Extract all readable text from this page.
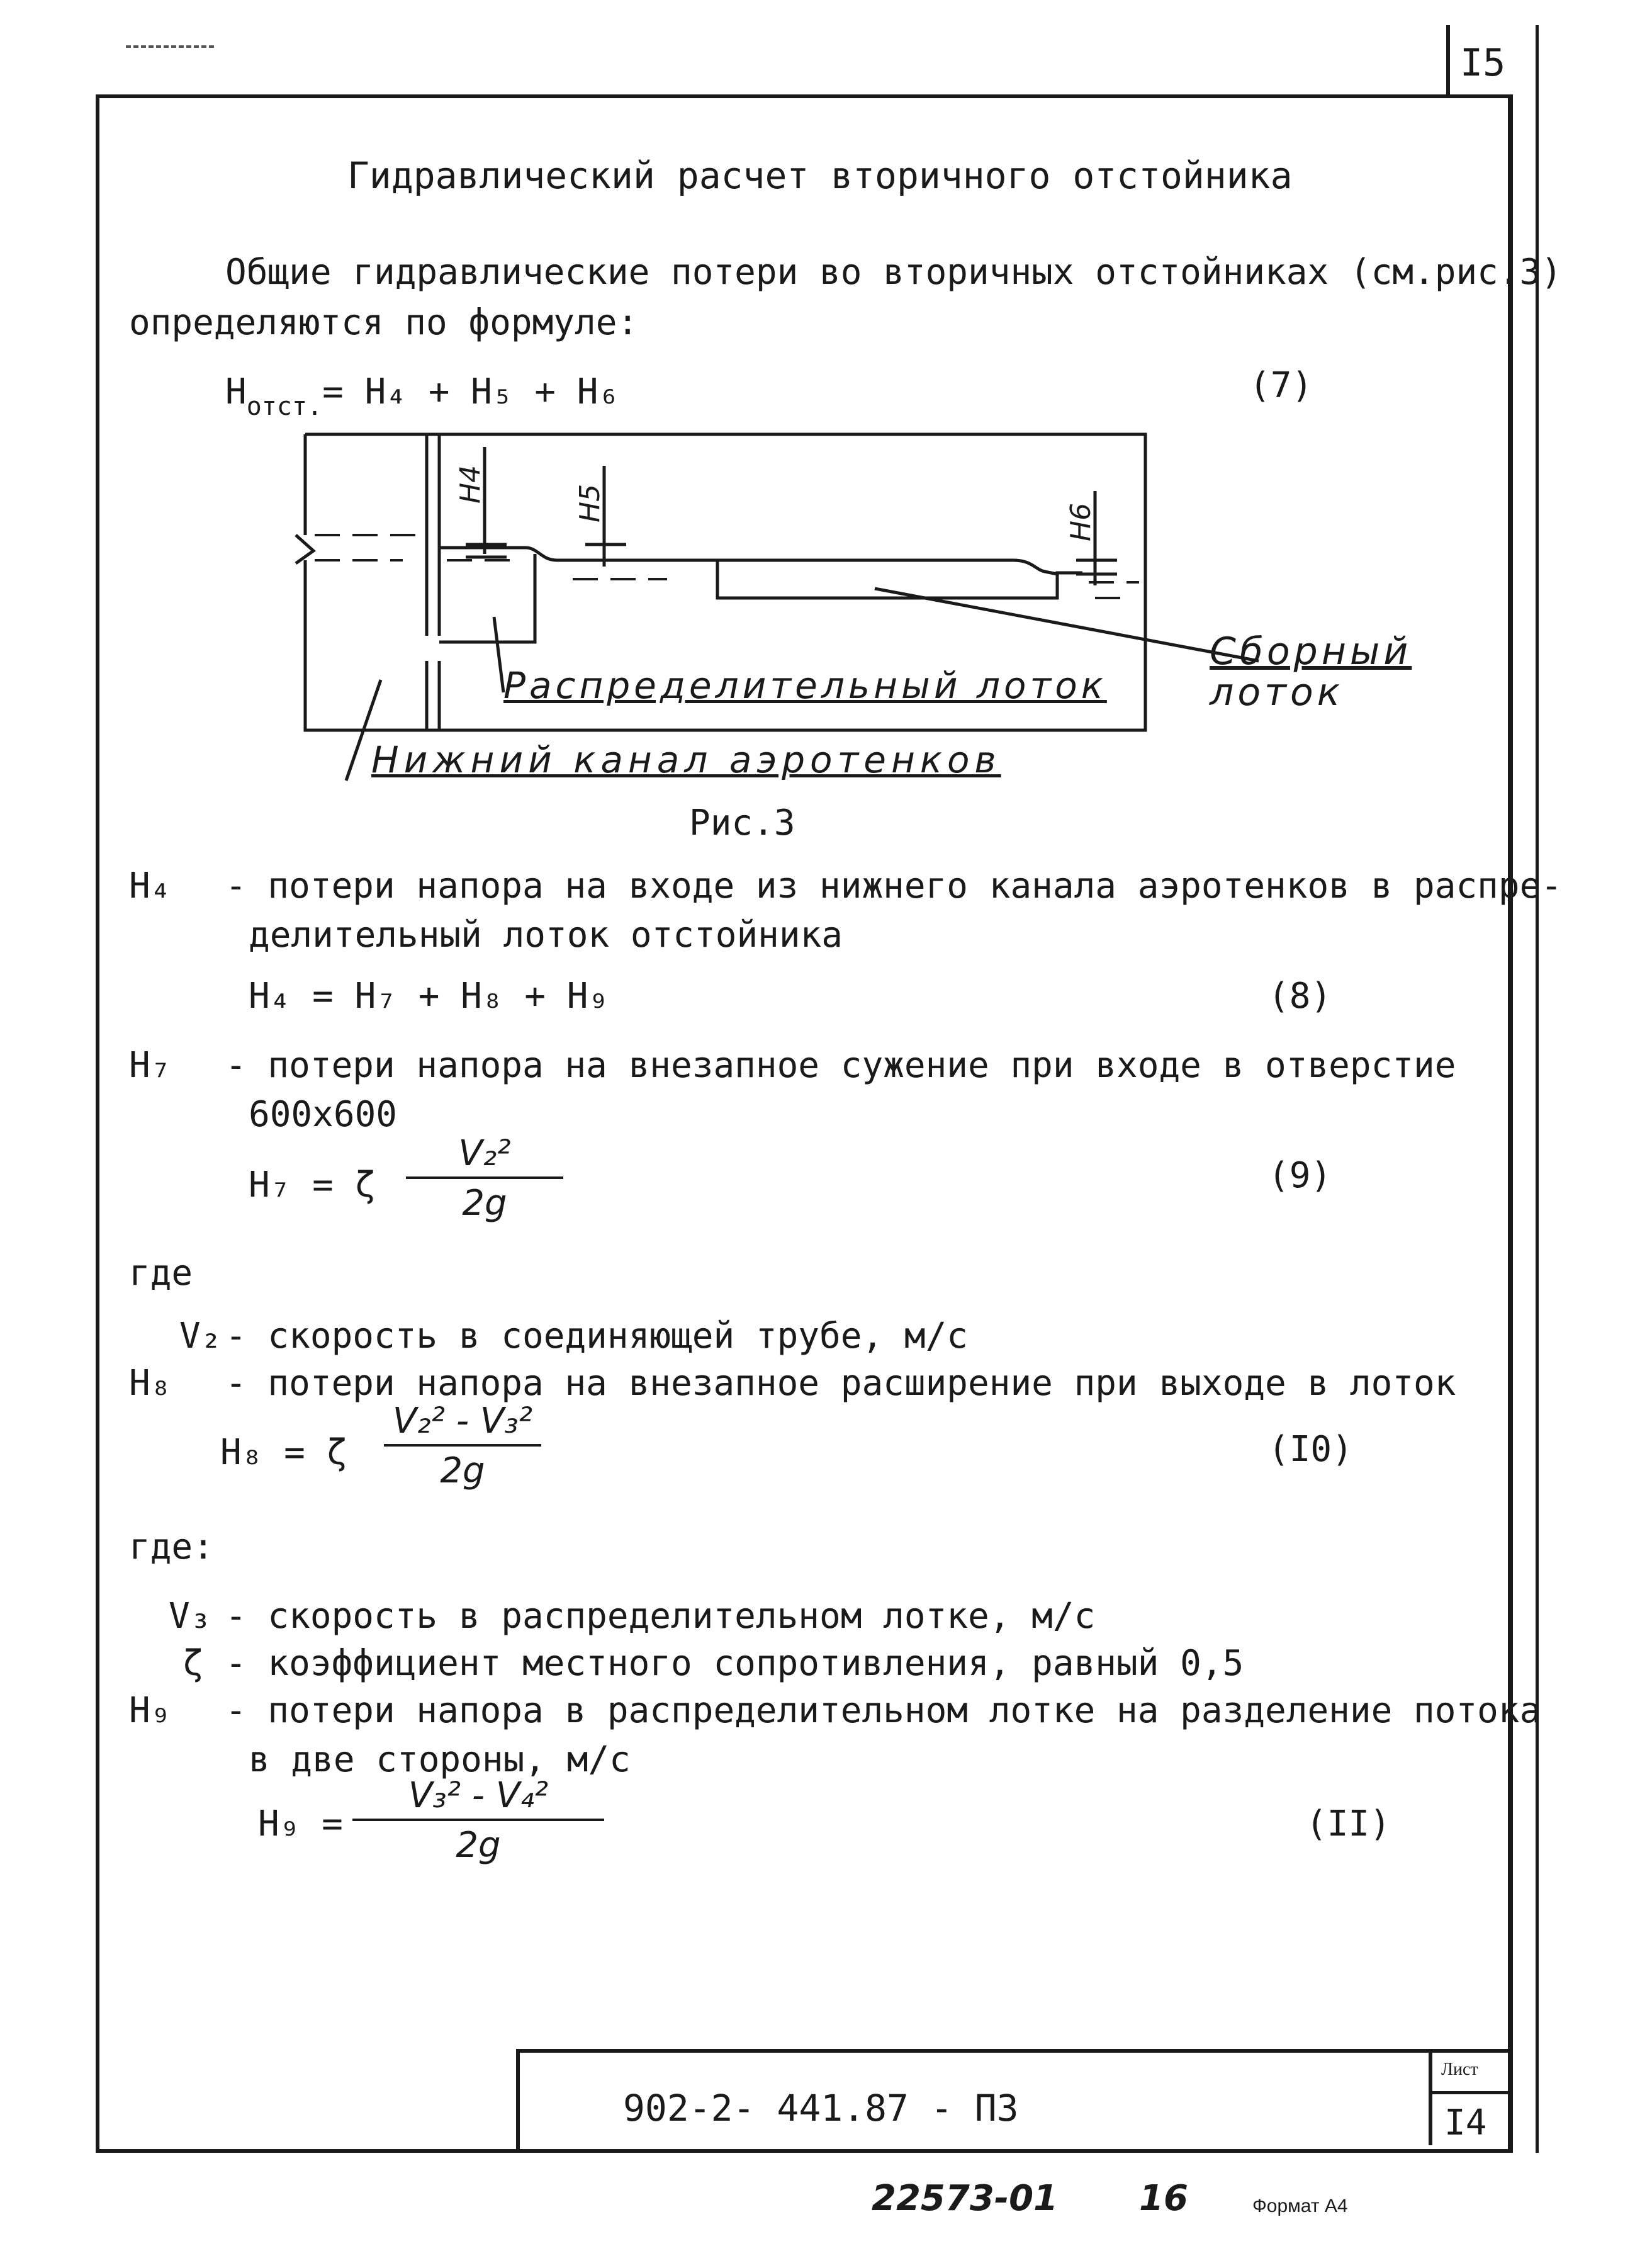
I5
Гидравлический расчет вторичного отстойника
Общие гидравлические потери во вторичных отстойниках (см.рис.3)
определяются по формуле:
$H_{отст.}= H_4 + H_5 + H_6$	(7)
H4	H5	H6
Сборный
лоток
Распределительный лоток
Нижний канал аэротенков
Рис.3
H₄ - потери напора на входе из нижнего канала аэротенков в распре-
делительный лоток отстойника
H₄ = H₇ + H₈ + H₉	(8)
H₇ - потери напора на внезапное сужение при входе в отверстие
600x600
H₇ = ζ
V₂²
2g
(9)
где
V₂ - скорость в соединяющей трубе, м/с
H₈ - потери напора на внезапное расширение при выходе в лоток
H₈ = ζ
V₂² - V₃²
2g
(I0)
где:
V₃ - скорость в распределительном лотке, м/с
ζ - коэффициент местного сопротивления, равный 0,5
H₉ - потери напора в распределительном лотке на разделение потока
в две стороны, м/с
H₉ =
V₃² - V₄²
2g
(II)
902-2- 441.87 - ПЗ
Лист
I4
22573-01 16	Формат А4
